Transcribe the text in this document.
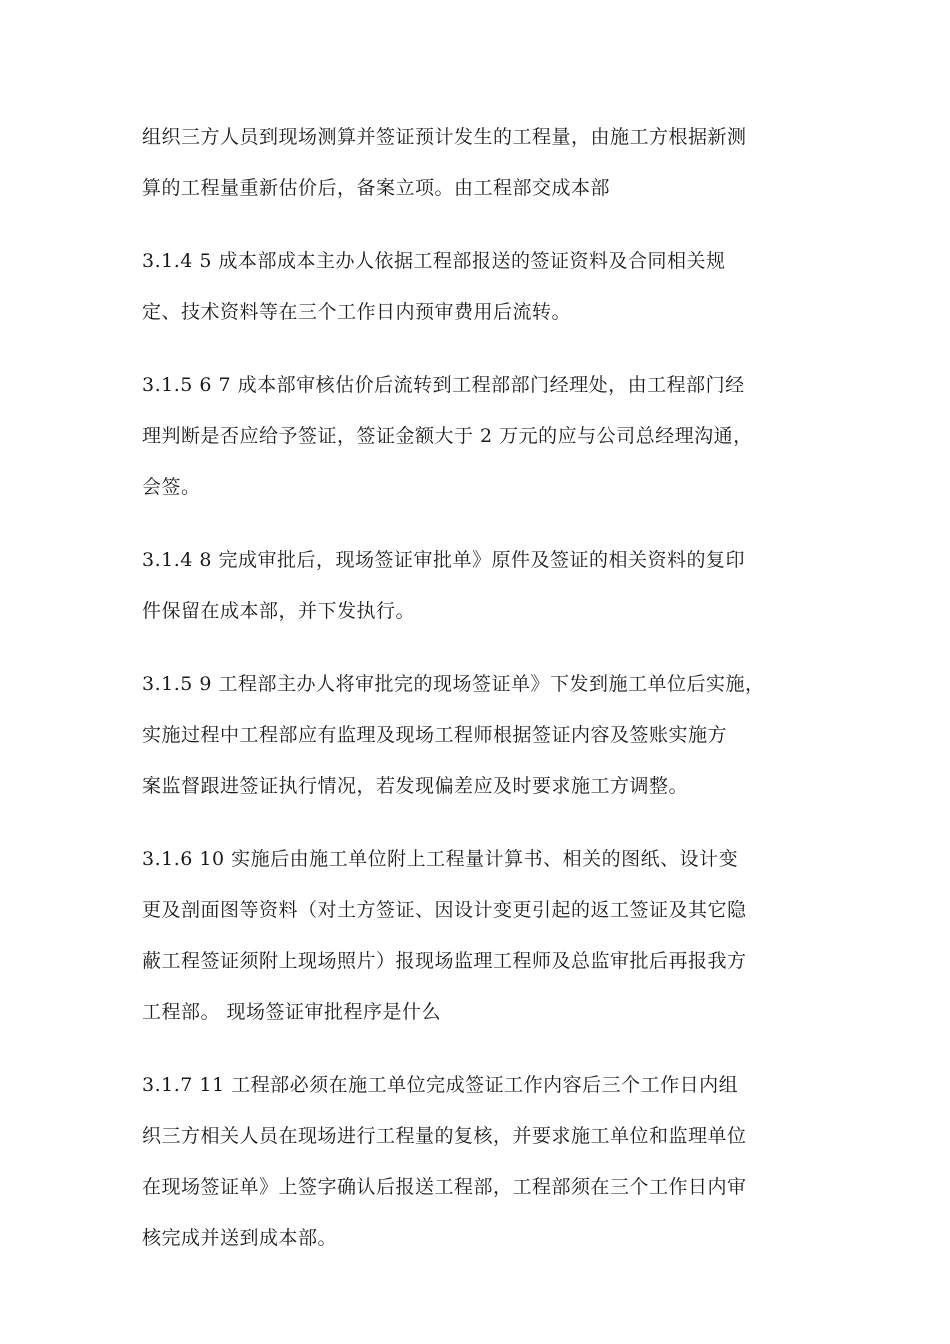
组织三方人员到现场测算并签证预计发生的工程量，由施工方根据新测
算的工程量重新估价后，备案立项。由工程部交成本部
3.1.4 5 成本部成本主办人依据工程部报送的签证资料及合同相关规
定、技术资料等在三个工作日内预审费用后流转。
3.1.5 6 7 成本部审核估价后流转到工程部部门经理处，由工程部门经
理判断是否应给予签证，签证金额大于 2 万元的应与公司总经理沟通，
会签。
3.1.4 8 完成审批后，现场签证审批单》原件及签证的相关资料的复印
件保留在成本部，并下发执行。
3.1.5 9 工程部主办人将审批完的现场签证单》下发到施工单位后实施，
实施过程中工程部应有监理及现场工程师根据签证内容及签账实施方
案监督跟进签证执行情况，若发现偏差应及时要求施工方调整。
3.1.6 10 实施后由施工单位附上工程量计算书、相关的图纸、设计变
更及剖面图等资料（对土方签证、因设计变更引起的返工签证及其它隐
蔽工程签证须附上现场照片）报现场监理工程师及总监审批后再报我方
工程部。 现场签证审批程序是什么
3.1.7 11 工程部必须在施工单位完成签证工作内容后三个工作日内组
织三方相关人员在现场进行工程量的复核，并要求施工单位和监理单位
在现场签证单》上签字确认后报送工程部，工程部须在三个工作日内审
核完成并送到成本部。
